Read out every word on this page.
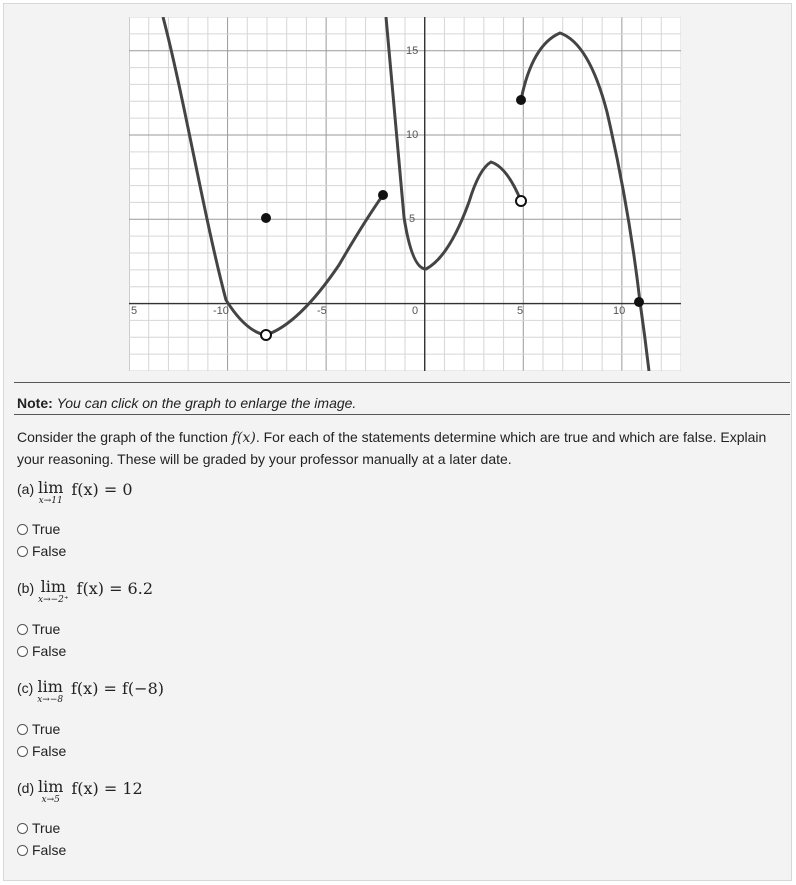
5	-10	-5	0	5	10
15
10
5
Note: You can click on the graph to enlarge the image.
Consider the graph of the function f(x). For each of the statements determine which are true and which are false. Explain your reasoning. These will be graded by your professor manually at a later date.
(a) lim
x→11
f(x) = 0
True
False
(b) lim
x→−2⁺
f(x) = 6.2
True
False
(c) lim
x→−8
f(x) = f(−8)
True
False
(d) lim
x→5
f(x) = 12
True
False
